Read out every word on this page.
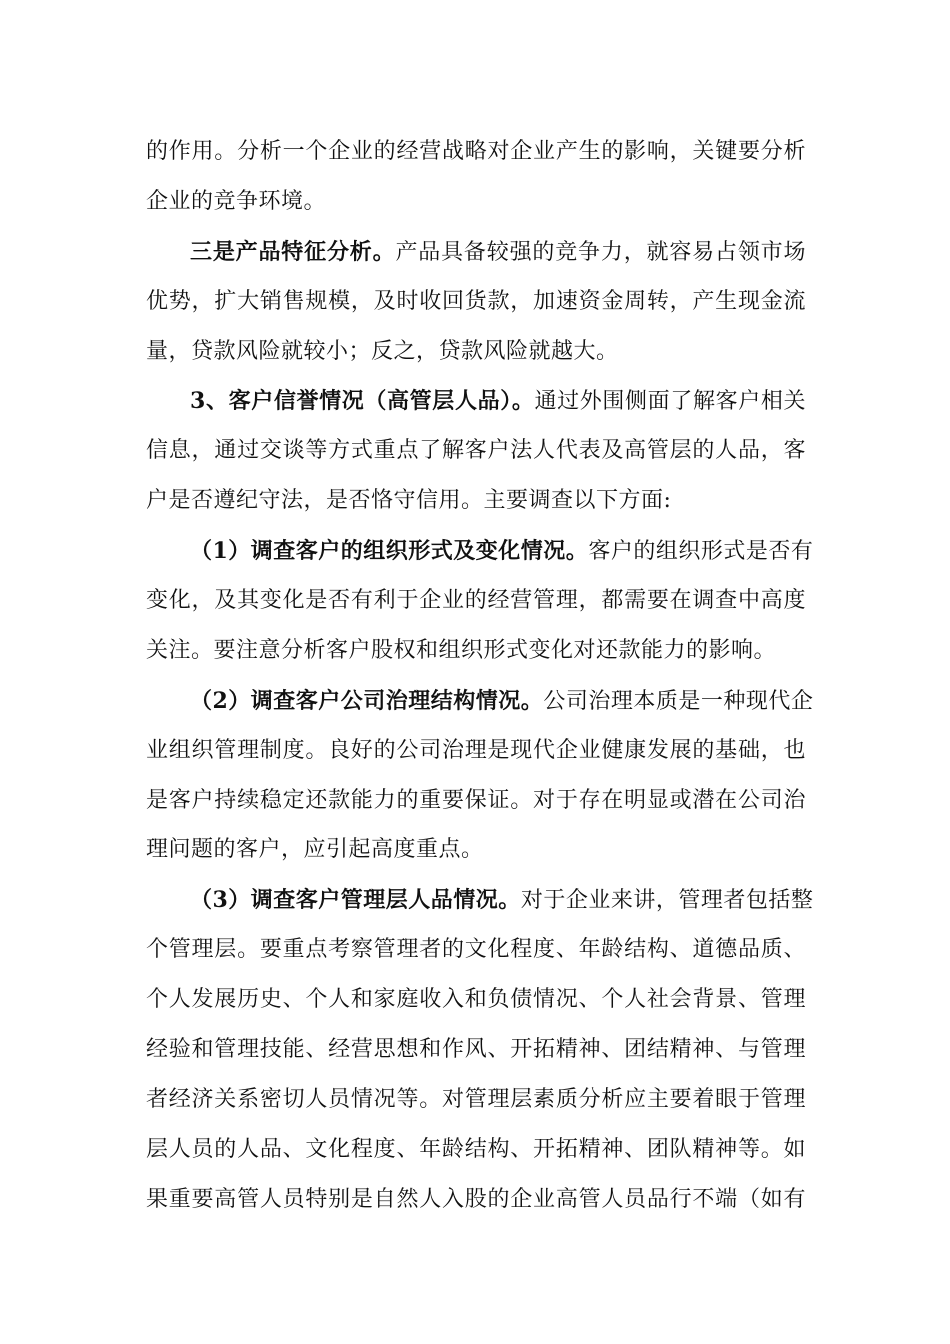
的作用。分析一个企业的经营战略对企业产生的影响，关键要分析
企业的竞争环境。
三是产品特征分析。产品具备较强的竞争力，就容易占领市场
优势，扩大销售规模，及时收回货款，加速资金周转，产生现金流
量，贷款风险就较小；反之，贷款风险就越大。
3、客户信誉情况（高管层人品）。通过外围侧面了解客户相关
信息，通过交谈等方式重点了解客户法人代表及高管层的人品，客
户是否遵纪守法，是否恪守信用。主要调查以下方面:
（1）调查客户的组织形式及变化情况。客户的组织形式是否有
变化，及其变化是否有利于企业的经营管理，都需要在调查中高度
关注。要注意分析客户股权和组织形式变化对还款能力的影响。
（2）调查客户公司治理结构情况。公司治理本质是一种现代企
业组织管理制度。良好的公司治理是现代企业健康发展的基础，也
是客户持续稳定还款能力的重要保证。对于存在明显或潜在公司治
理问题的客户，应引起高度重点。
（3）调查客户管理层人品情况。对于企业来讲，管理者包括整
个管理层。要重点考察管理者的文化程度、年龄结构、道德品质、
个人发展历史、个人和家庭收入和负债情况、个人社会背景、管理
经验和管理技能、经营思想和作风、开拓精神、团结精神、与管理
者经济关系密切人员情况等。对管理层素质分析应主要着眼于管理
层人员的人品、文化程度、年龄结构、开拓精神、团队精神等。如
果重要高管人员特别是自然人入股的企业高管人员品行不端（如有
